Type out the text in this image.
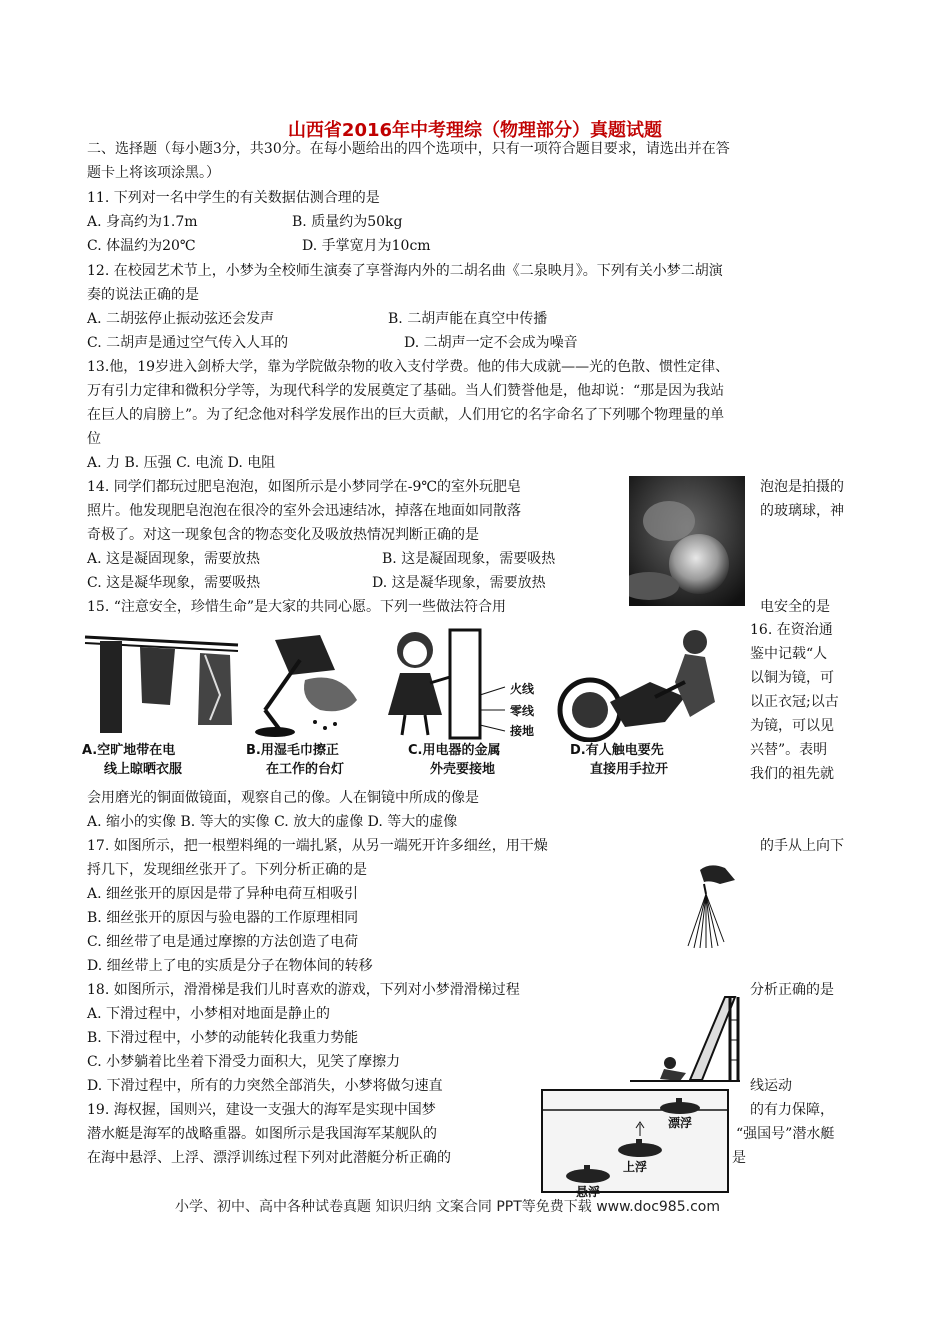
山西省2016年中考理综（物理部分）真题试题
二、选择题（每小题3分，共30分。在每小题给出的四个选项中，只有一项符合题目要求，请选出并在答
题卡上将该项涂黑。）
11. 下列对一名中学生的有关数据估测合理的是
A. 身高约为1.7m	B. 质量约为50kg
C. 体温约为20℃	D. 手掌宽月为10cm
12. 在校园艺术节上，小梦为全校师生演奏了享誉海内外的二胡名曲《二泉映月》。下列有关小梦二胡演
奏的说法正确的是
A. 二胡弦停止振动弦还会发声	B. 二胡声能在真空中传播
C. 二胡声是通过空气传入人耳的	D. 二胡声一定不会成为噪音
13.他，19岁进入剑桥大学，靠为学院做杂物的收入支付学费。他的伟大成就——光的色散、惯性定律、
万有引力定律和微积分学等，为现代科学的发展奠定了基础。当人们赞誉他是，他却说：“那是因为我站
在巨人的肩膀上”。为了纪念他对科学发展作出的巨大贡献，人们用它的名字命名了下列哪个物理量的单
位
A. 力 B. 压强 C. 电流 D. 电阻
14. 同学们都玩过肥皂泡泡，如图所示是小梦同学在-9℃的室外玩肥皂	泡泡是拍摄的
照片。他发现肥皂泡泡在很冷的室外会迅速结冰，掉落在地面如同散落	的玻璃球，神
奇极了。对这一现象包含的物态变化及吸放热情况判断正确的是
A. 这是凝固现象，需要放热	B. 这是凝固现象，需要吸热
C. 这是凝华现象，需要吸热	D. 这是凝华现象，需要放热
15. “注意安全，珍惜生命”是大家的共同心愿。下列一些做法符合用	电安全的是
A.空旷地带在电
线上晾晒衣服
B.用湿毛巾擦正
在工作的台灯
火线
零线
接地
C.用电器的金属
外壳要接地
D.有人触电要先
直接用手拉开
16. 在资治通
鉴中记载“人
以铜为镜，可
以正衣冠;以古
为镜，可以见
兴替”。表明
我们的祖先就
会用磨光的铜面做镜面，观察自己的像。人在铜镜中所成的像是
A. 缩小的实像 B. 等大的实像 C. 放大的虚像 D. 等大的虚像
17. 如图所示，把一根塑料绳的一端扎紧，从另一端死开许多细丝，用干燥	的手从上向下
捋几下，发现细丝张开了。下列分析正确的是
A. 细丝张开的原因是带了异种电荷互相吸引
B. 细丝张开的原因与验电器的工作原理相同
C. 细丝带了电是通过摩擦的方法创造了电荷
D. 细丝带上了电的实质是分子在物体间的转移
18. 如图所示，滑滑梯是我们儿时喜欢的游戏，下列对小梦滑滑梯过程	分析正确的是
A. 下滑过程中，小梦相对地面是静止的
B. 下滑过程中，小梦的动能转化我重力势能
C. 小梦躺着比坐着下滑受力面积大，见笑了摩擦力
D. 下滑过程中，所有的力突然全部消失，小梦将做匀速直	线运动
19. 海权握，国则兴，建设一支强大的海军是实现中国梦	的有力保障，
潜水艇是海军的战略重器。如图所示是我国海军某舰队的	“强国号”潜水艇
在海中悬浮、上浮、漂浮训练过程下列对此潜艇分析正确的	是
漂浮
上浮
悬浮
小学、初中、高中各种试卷真题 知识归纳 文案合同 PPT等免费下载 www.doc985.com
